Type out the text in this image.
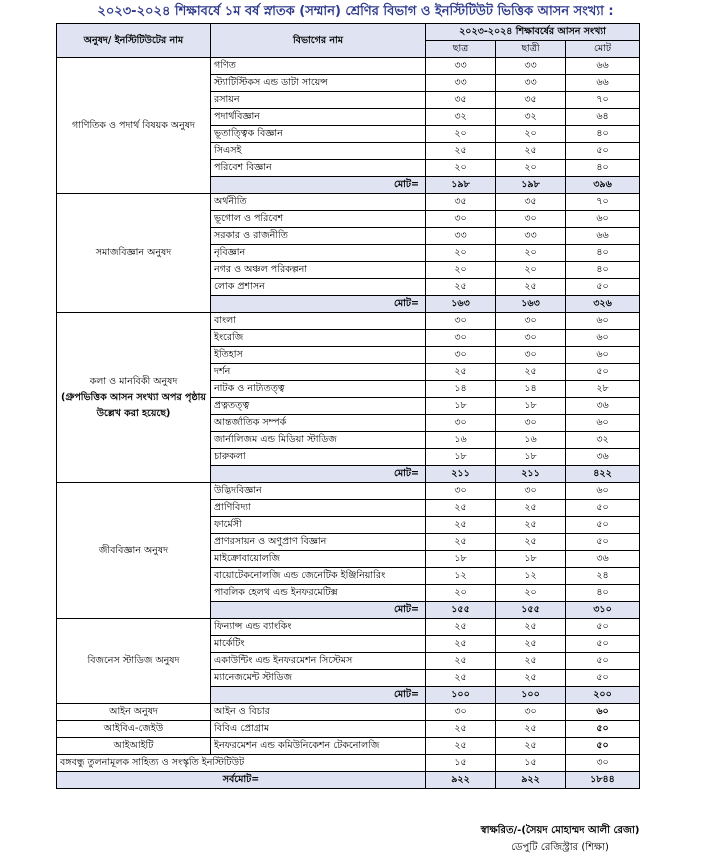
২০২৩-২০২৪ শিক্ষাবর্ষে ১ম বর্ষ স্নাতক (সম্মান) শ্রেণির বিভাগ ও ইনস্টিটিউট ভিত্তিক আসন সংখ্যা :
অনুষদ/ ইনস্টিটিউটের নাম	বিভাগের নাম	২০২৩-২০২৪ শিক্ষাবর্ষের আসন সংখ্যা		
		ছাত্র	ছাত্রী	মোট

গাণিতিক ও পদার্থ বিষয়ক অনুষদ	গণিত	৩৩	৩৩	৬৬
	স্ট্যাটিস্টিকস এন্ড ডাটা সায়েন্স	৩৩	৩৩	৬৬
	রসায়ন	৩৫	৩৫	৭০
	পদার্থবিজ্ঞান	৩২	৩২	৬৪
	ভূতাত্ত্বিক বিজ্ঞান	২০	২০	৪০
	সিএসই	২৫	২৫	৫০
	পরিবেশ বিজ্ঞান	২০	২০	৪০
	মোট=	১৯৮	১৯৮	৩৯৬

সমাজবিজ্ঞান অনুষদ	অর্থনীতি	৩৫	৩৫	৭০
	ভূগোল ও পরিবেশ	৩০	৩০	৬০
	সরকার ও রাজনীতি	৩৩	৩৩	৬৬
	নৃবিজ্ঞান	২০	২০	৪০
	নগর ও অঞ্চল পরিকল্পনা	২০	২০	৪০
	লোক প্রশাসন	২৫	২৫	৫০
	মোট=	১৬৩	১৬৩	৩২৬

কলা ও মানবিকী অনুষদ
(গ্রুপভিত্তিক আসন সংখ্যা অপর পৃষ্ঠায় উল্লেখ করা হয়েছে)	বাংলা	৩০	৩০	৬০
	ইংরেজি	৩০	৩০	৬০
	ইতিহাস	৩০	৩০	৬০
	দর্শন	২৫	২৫	৫০
	নাটক ও নাট্যতত্ত্ব	১৪	১৪	২৮
	প্রত্নতত্ত্ব	১৮	১৮	৩৬
	আন্তর্জাতিক সম্পর্ক	৩০	৩০	৬০
	জার্নালিজম এন্ড মিডিয়া স্টাডিজ	১৬	১৬	৩২
	চারুকলা	১৮	১৮	৩৬
	মোট=	২১১	২১১	৪২২

জীববিজ্ঞান অনুষদ	উদ্ভিদবিজ্ঞান	৩০	৩০	৬০
	প্রাণিবিদ্যা	২৫	২৫	৫০
	ফার্মেসী	২৫	২৫	৫০
	প্রাণরসায়ন ও অণুপ্রাণ বিজ্ঞান	২৫	২৫	৫০
	মাইক্রোবায়োলজি	১৮	১৮	৩৬
	বায়োটেকনোলজি এন্ড জেনেটিক ইঞ্জিনিয়ারিং	১২	১২	২৪
	পাবলিক হেলথ এন্ড ইনফরমেটিক্স	২০	২০	৪০
	মোট=	১৫৫	১৫৫	৩১০

বিজনেস স্টাডিজ অনুষদ	ফিন্যান্স এন্ড ব্যাংকিং	২৫	২৫	৫০
	মার্কেটিং	২৫	২৫	৫০
	একাউন্টিং এন্ড ইনফরমেশন সিস্টেমস	২৫	২৫	৫০
	ম্যানেজমেন্ট স্টাডিজ	২৫	২৫	৫০
	মোট=	১০০	১০০	২০০
আইন অনুষদ	আইন ও বিচার	৩০	৩০	৬০
আইবিএ-জেইউ	বিবিএ প্রোগ্রাম	২৫	২৫	৫০
আইআইটি	ইনফরমেশন এন্ড কমিউনিকেশন টেকনোলজি	২৫	২৫	৫০
বঙ্গবন্ধু তুলনামূলক সাহিত্য ও সংস্কৃতি ইনস্টিটিউট		১৫	১৫	৩০
সর্বমোট=		৯২২	৯২২	১৮৪৪
স্বাক্ষরিত/-(সৈয়দ মোহাম্মদ আলী রেজা)
ডেপুটি রেজিস্ট্রার (শিক্ষা)
